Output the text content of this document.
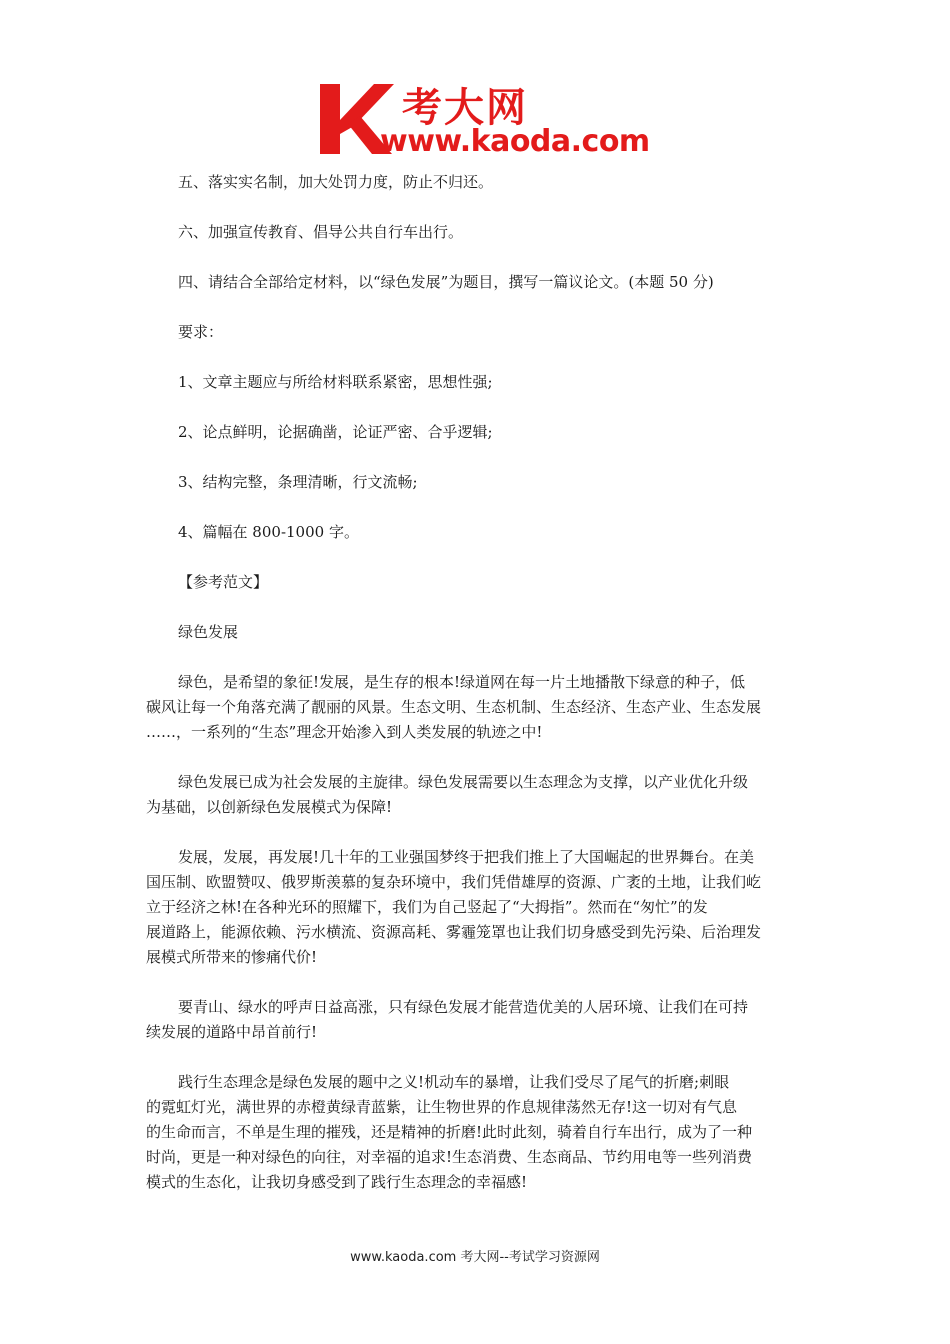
考大网
www.kaoda.com

五、落实实名制，加大处罚力度，防止不归还。

六、加强宣传教育、倡导公共自行车出行。

四、请结合全部给定材料，以“绿色发展”为题目，撰写一篇议论文。(本题 50 分)

要求：

1、文章主题应与所给材料联系紧密，思想性强;

2、论点鲜明，论据确凿，论证严密、合乎逻辑;

3、结构完整，条理清晰，行文流畅;

4、篇幅在 800-1000 字。

【参考范文】

绿色发展

绿色，是希望的象征!发展，是生存的根本!绿道网在每一片土地播散下绿意的种子，低

碳风让每一个角落充满了靓丽的风景。生态文明、生态机制、生态经济、生态产业、生态发展

……，一系列的“生态”理念开始渗入到人类发展的轨迹之中!

绿色发展已成为社会发展的主旋律。绿色发展需要以生态理念为支撑，以产业优化升级

为基础，以创新绿色发展模式为保障!

发展，发展，再发展!几十年的工业强国梦终于把我们推上了大国崛起的世界舞台。在美

国压制、欧盟赞叹、俄罗斯羡慕的复杂环境中，我们凭借雄厚的资源、广袤的土地，让我们屹

立于经济之林!在各种光环的照耀下，我们为自己竖起了“大拇指”。然而在“匆忙”的发

展道路上，能源依赖、污水横流、资源高耗、雾霾笼罩也让我们切身感受到先污染、后治理发

展模式所带来的惨痛代价!

要青山、绿水的呼声日益高涨，只有绿色发展才能营造优美的人居环境、让我们在可持

续发展的道路中昂首前行!

践行生态理念是绿色发展的题中之义!机动车的暴增，让我们受尽了尾气的折磨;刺眼

的霓虹灯光，满世界的赤橙黄绿青蓝紫，让生物世界的作息规律荡然无存!这一切对有气息

的生命而言，不单是生理的摧残，还是精神的折磨!此时此刻，骑着自行车出行，成为了一种

时尚，更是一种对绿色的向往，对幸福的追求!生态消费、生态商品、节约用电等一些列消费

模式的生态化，让我切身感受到了践行生态理念的幸福感!

www.kaoda.com 考大网--考试学习资源网
